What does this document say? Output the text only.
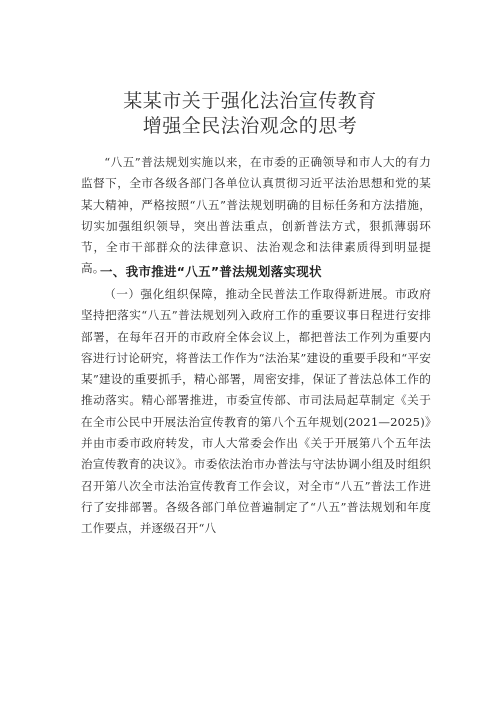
某某市关于强化法治宣传教育
增强全民法治观念的思考
“八五”普法规划实施以来，在市委的正确领导和市人大的有力监督下，全市各级各部门各单位认真贯彻习近平法治思想和党的某某大精神，严格按照“八五”普法规划明确的目标任务和方法措施，切实加强组织领导，突出普法重点，创新普法方式，狠抓薄弱环节，全市干部群众的法律意识、法治观念和法律素质得到明显提高。
一、我市推进“八五”普法规划落实现状
（一）强化组织保障，推动全民普法工作取得新进展。市政府坚持把落实“八五”普法规划列入政府工作的重要议事日程进行安排部署，在每年召开的市政府全体会议上，都把普法工作列为重要内容进行讨论研究，将普法工作作为“法治某”建设的重要手段和“平安某”建设的重要抓手，精心部署，周密安排，保证了普法总体工作的推动落实。精心部署推进，市委宣传部、市司法局起草制定《关于在全市公民中开展法治宣传教育的第八个五年规划(2021—2025)》并由市委市政府转发，市人大常委会作出《关于开展第八个五年法治宣传教育的决议》。市委依法治市办普法与守法协调小组及时组织召开第八次全市法治宣传教育工作会议，对全市“八五”普法工作进行了安排部署。各级各部门单位普遍制定了“八五”普法规划和年度工作要点，并逐级召开“八
